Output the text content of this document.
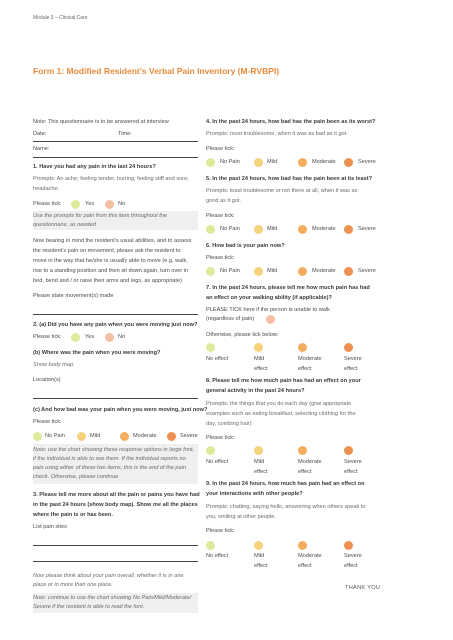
Module 3 – Clinical Care
Form 1: Modified Resident’s Verbal Pain Inventory (M-RVBPI)
Note: This questionnaire is to be answered at interview
Date:	Time:
Name:
1. Have you had any pain in the last 24 hours?
Prompts: An ache; feeling tender, hurting; feeling stiff and sore;
headache.
Please tick:	Yes	No
Use the prompts for pain from this item throughout the
questionnaire, as needed
Now bearing in mind the resident’s usual abilities, and to assess
the resident’s pain on movement, please ask the resident to
move in the way that he/she is usually able to move (e.g. walk,
rise to a standing position and then sit down again, turn over in
bed, bend and / or raise their arms and legs, as appropriate)
Please state movement(s) made
2. (a) Did you have any pain when you were moving just now?
Please tick:	Yes	No
(b) Where was the pain when you were moving?
Show body map.
Location(s)
(c) And how bad was your pain when you were moving, just now?
Please tick:
No Pain	Mild	Moderate	Severe
Note: use the chart showing these response options in large font,
if the individual is able to see them. If the individual reports no
pain using either of these two items, this is the end of the pain
check. Otherwise, please continue
3. Please tell me more about all the pain or pains you have had
in the past 24 hours (show body map). Show me all the places
where the pain is or has been.
List pain sites
Now please think about your pain overall, whether it is in one
place or in more than one place.
Note: continue to use the chart showing No Pain/Mild/Moderate/
Severe if the resident is able to read the font.
4. In the past 24 hours, how bad has the pain been as its worst?
Prompts: most troublesome, when it was as bad as it got.
Please tick:
No Pain	Mild	Moderate	Severe
5. In the past 24 hours, how bad has the pain been at its least?
Prompts: least troublesome or not there at all, when it was as
good as it got.
Please tick:
No Pain	Mild	Moderate	Severe
6. How bad is your pain now?
Please tick:
No Pain	Mild	Moderate	Severe
7. In the past 24 hours, please tell me how much pain has had
an effect on your walking ability (if applicable)?
PLEASE TICK here if the person is unable to walk
(regardless of pain)
Otherwise, please tick below:
No effect	Mild	Moderate	Severe
effect	effect	effect
8. Please tell me how much pain has had an effect on your
general activity in the past 24 hours?
Prompts: the things that you do each day (give appropriate
examples such as eating breakfast, selecting clothing for the
day, combing hair)
Please tick:
No effect	Mild	Moderate	Severe
effect	effect	effect
9. In the past 24 hours, how much has pain had an effect on
your interactions with other people?
Prompts: chatting, saying hello, answering when others speak to
you, smiling at other people.
Please tick:
No effect	Mild	Moderate	Severe
effect	effect	effect
THANK YOU
